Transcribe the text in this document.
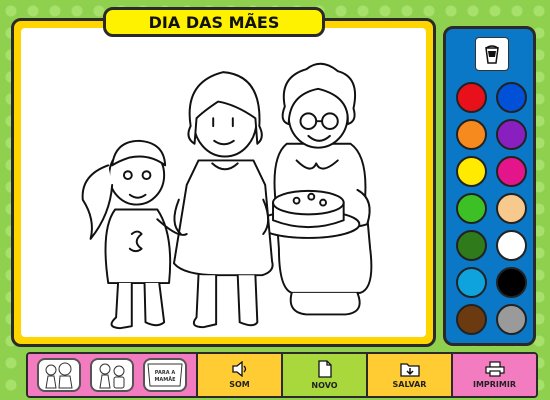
DIA DAS MÃES
PARA A
MAMÃE	SOM	NOVO	SALVAR	IMPRIMIR
